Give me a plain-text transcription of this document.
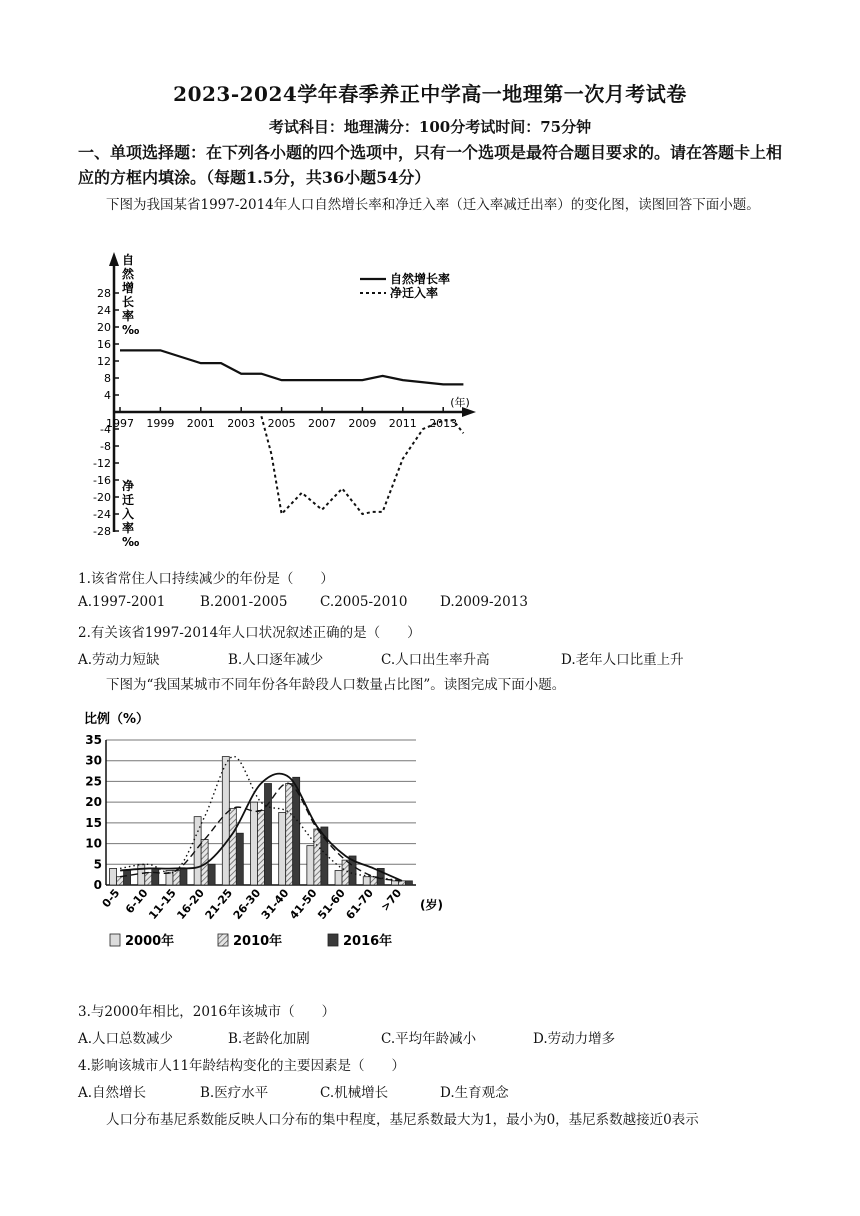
2023-2024学年春季养正中学高一地理第一次月考试卷
考试科目：地理满分：100分考试时间：75分钟
一、单项选择题：在下列各小题的四个选项中，只有一个选项是最符合题目要求的。请在答题卡上相应的方框内填涂。（每题1.5分，共36小题54分）
下图为我国某省1997-2014年人口自然增长率和净迁入率（迁入率减迁出率）的变化图，读图回答下面小题。
28
24
20
16
12
8
4
-4
-8
-12
-16
-20
-24
-28
1997 1999 2001 2003 2005 2007 2009 2011 2013
(年)
自然增长率‰
净迁入率‰
自然增长率
净迁入率
1.该省常住人口持续减少的年份是（　　）
A.1997-2001	B.2001-2005 C.2005-2010 D.2009-2013
2.有关该省1997-2014年人口状况叙述正确的是（　　）
A.劳动力短缺	B.人口逐年减少	C.人口出生率升高	D.老年人口比重上升
下图为“我国某城市不同年份各年龄段人口数量占比图”。读图完成下面小题。
比例（%）
0
5
10
15
20
25
30
35
0-5 6-10
11-15
16-20
21-25
26-30
31-40
41-50
51-60
61-70 >70 (岁)
2000年	2010年	2016年
3.与2000年相比，2016年该城市（　　）
A.人口总数减少	B.老龄化加剧	C.平均年龄减小	D.劳动力增多
4.影响该城市人11年龄结构变化的主要因素是（　　）
A.自然增长	B.医疗水平	C.机械增长	D.生育观念
人口分布基尼系数能反映人口分布的集中程度，基尼系数最大为1，最小为0，基尼系数越接近0表示
